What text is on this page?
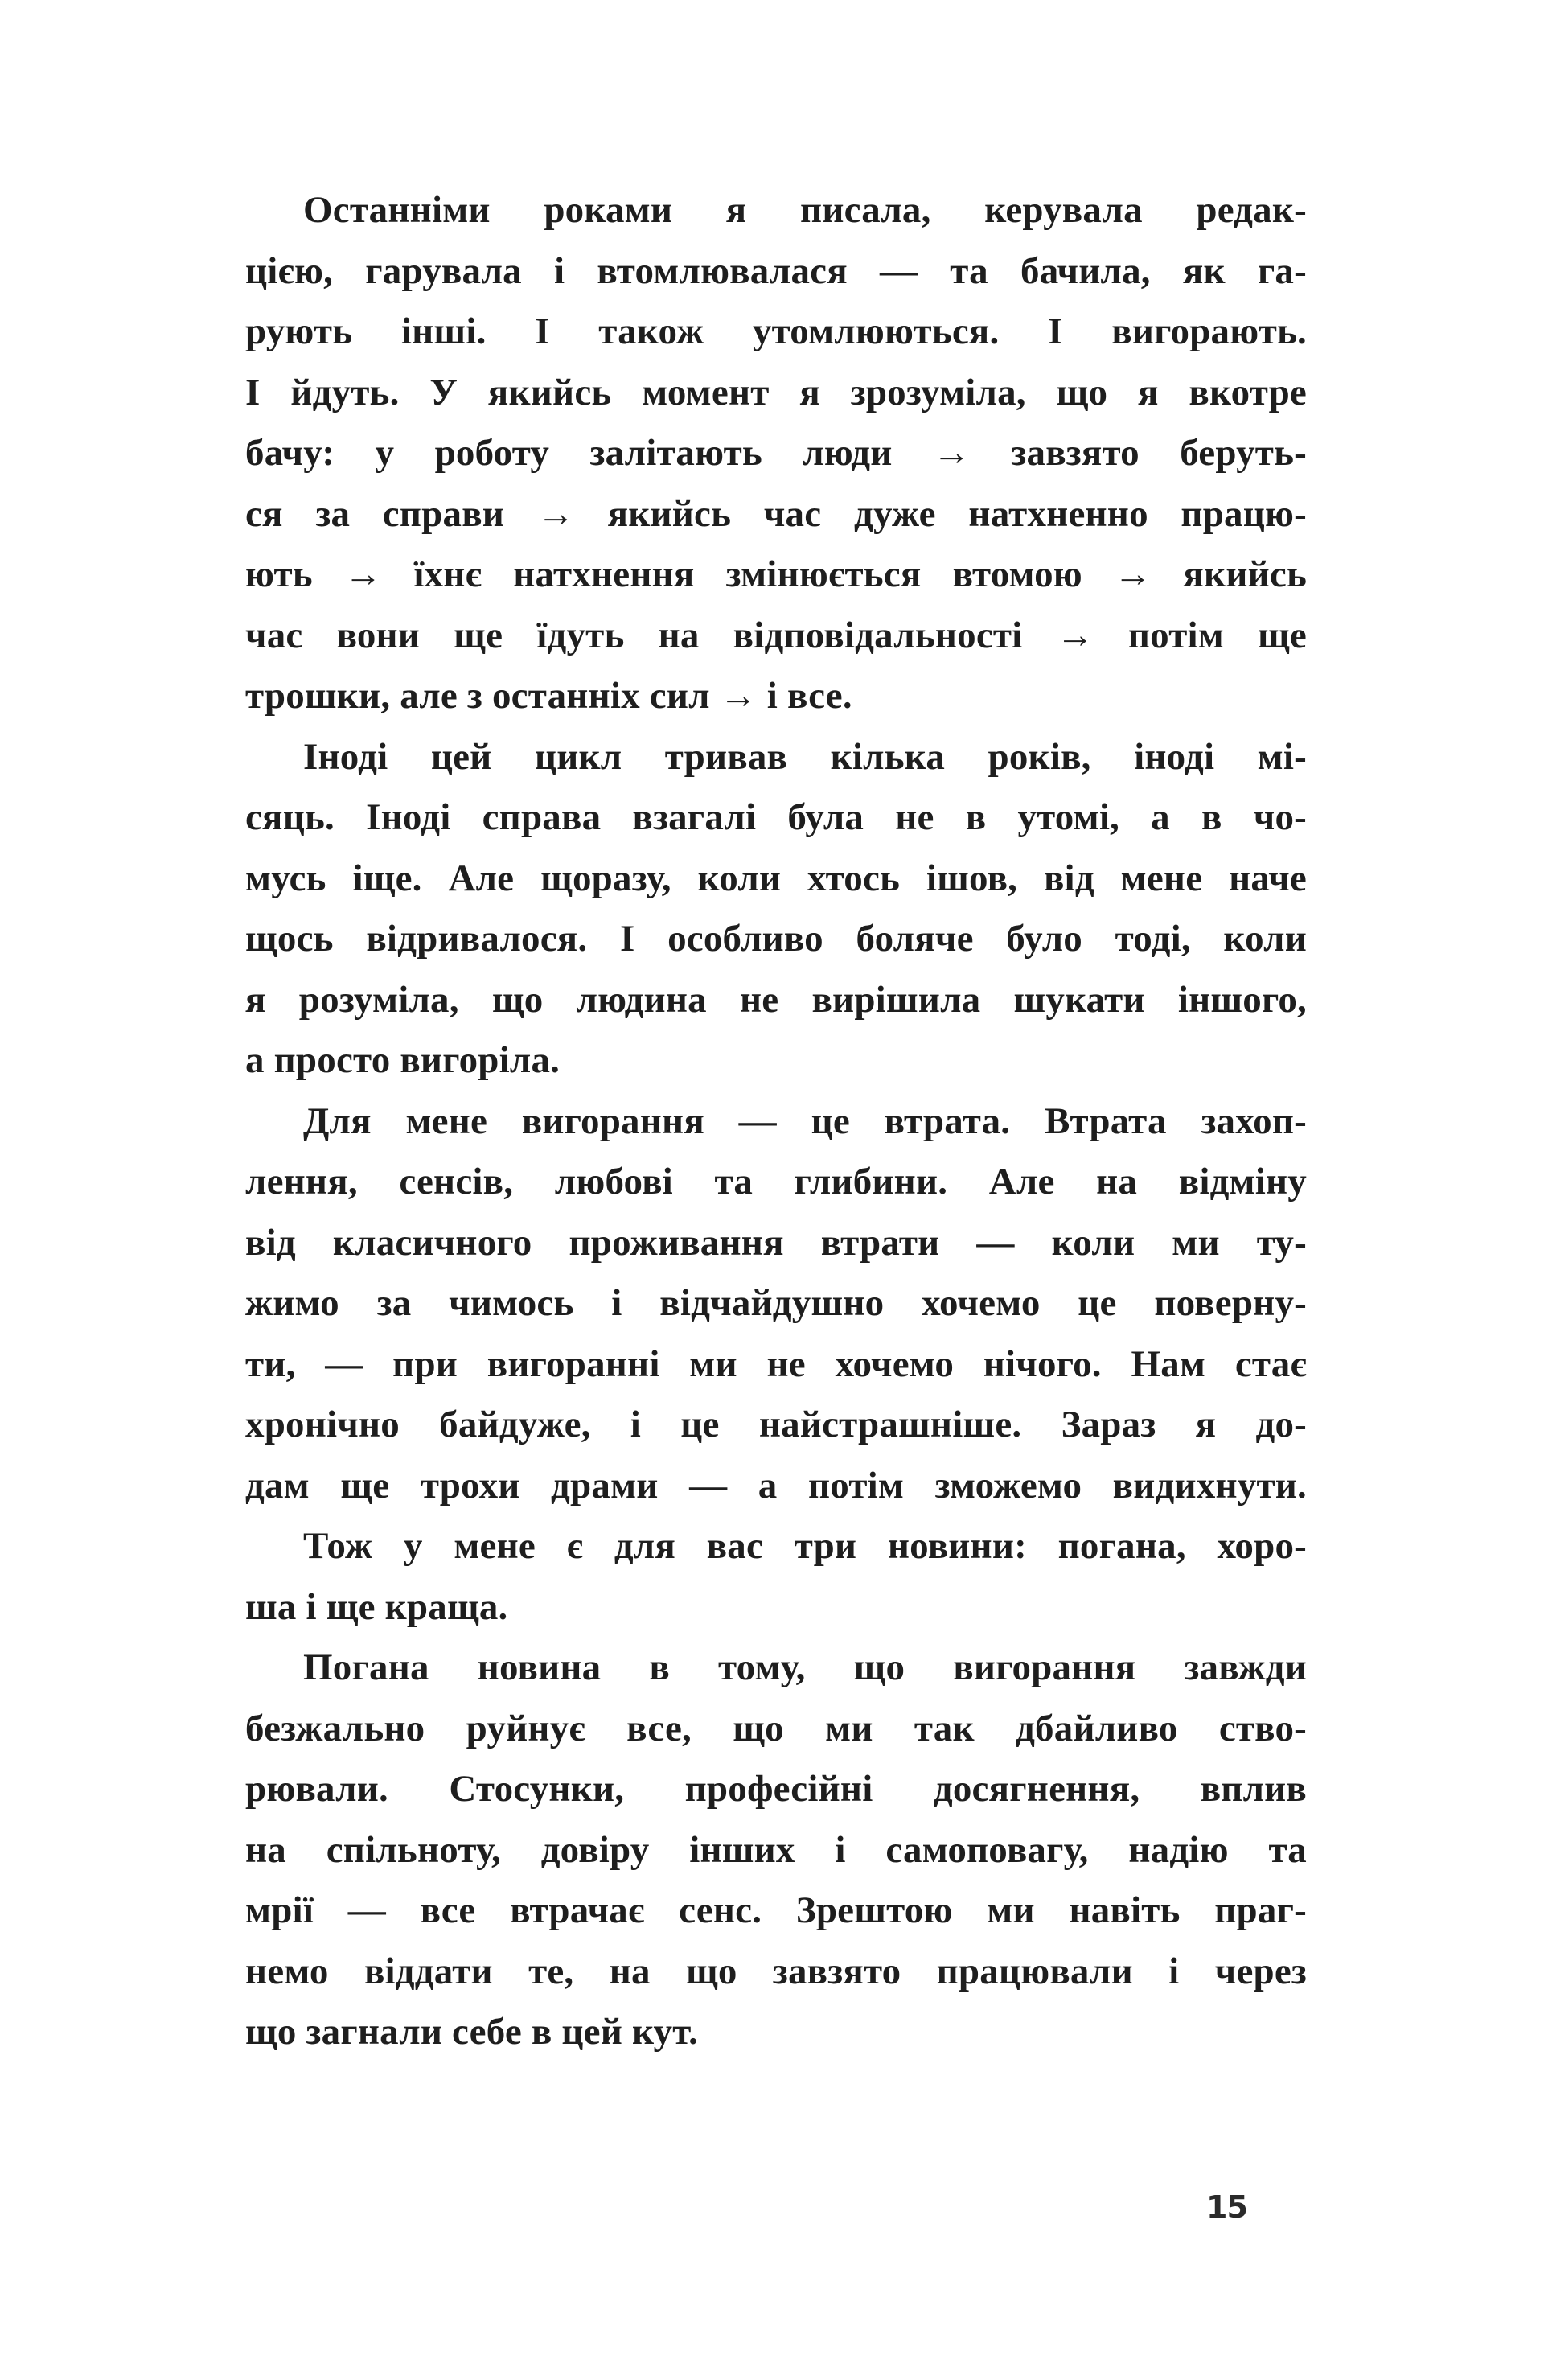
Останніми роками я писала, керувала редак-
цією, гарувала і втомлювалася — та бачила, як га-
рують інші. І також утомлюються. І вигорають.
І йдуть. У якийсь момент я зрозуміла, що я вкотре
бачу: у роботу залітають люди → завзято беруть-
ся за справи → якийсь час дуже натхненно працю-
ють → їхнє натхнення змінюється втомою → якийсь
час вони ще їдуть на відповідальності → потім ще
трошки, але з останніх сил → і все.
Іноді цей цикл тривав кілька років, іноді мі-
сяць. Іноді справа взагалі була не в утомі, а в чо-
мусь іще. Але щоразу, коли хтось ішов, від мене наче
щось відривалося. І особливо боляче було тоді, коли
я розуміла, що людина не вирішила шукати іншого,
а просто вигоріла.
Для мене вигорання — це втрата. Втрата захоп-
лення, сенсів, любові та глибини. Але на відміну
від класичного проживання втрати — коли ми ту-
жимо за чимось і відчайдушно хочемо це поверну-
ти, — при вигоранні ми не хочемо нічого. Нам стає
хронічно байдуже, і це найстрашніше. Зараз я до-
дам ще трохи драми — а потім зможемо видихнути.
Тож у мене є для вас три новини: погана, хоро-
ша і ще краща.
Погана новина в тому, що вигорання завжди
безжально руйнує все, що ми так дбайливо ство-
рювали. Стосунки, професійні досягнення, вплив
на спільноту, довіру інших і самоповагу, надію та
мрії — все втрачає сенс. Зрештою ми навіть праг-
немо віддати те, на що завзято працювали і через
що загнали себе в цей кут.
15
